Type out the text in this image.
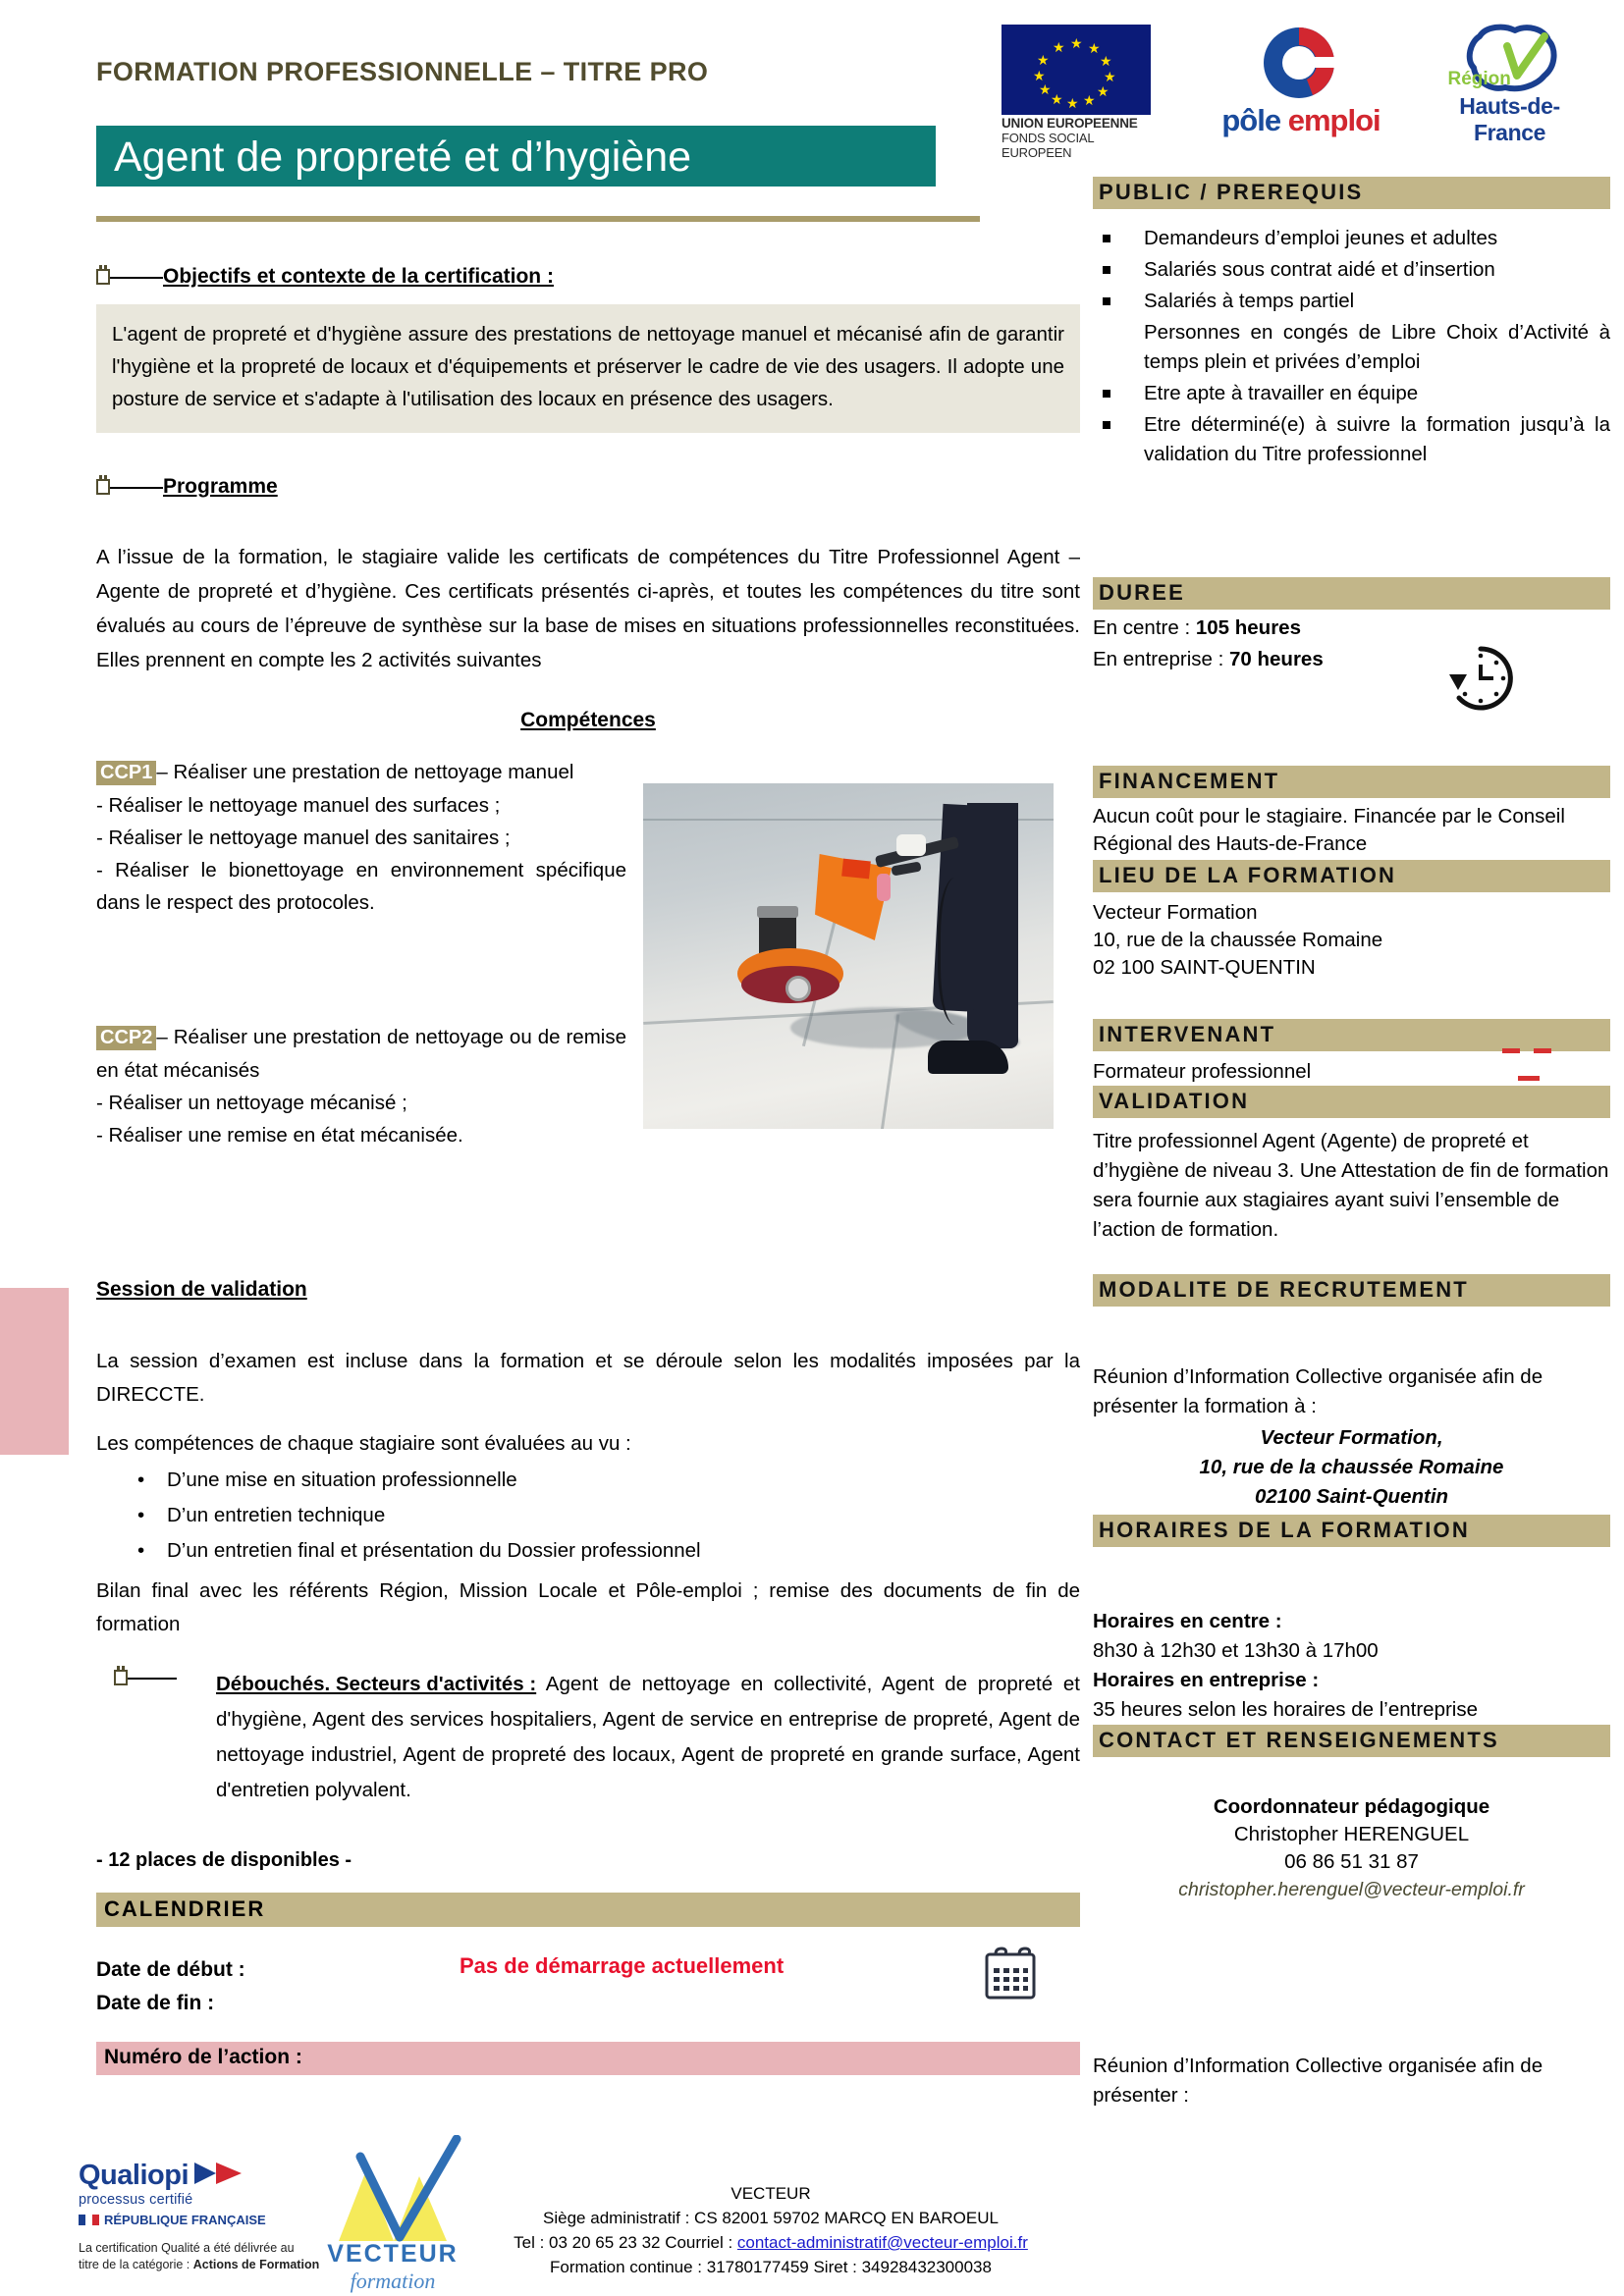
FORMATION PROFESSIONNELLE – TITRE PRO
Agent de propreté et d’hygiène
★ ★
★
★
★
★
★
★
★
★
★
★
UNION EUROPEENNE
FONDS SOCIAL EUROPEEN
pôle emploi
Région
Hauts-de-France
Objectifs et contexte de la certification :
L'agent de propreté et d'hygiène assure des prestations de nettoyage manuel et mécanisé afin de garantir l'hygiène et la propreté de locaux et d'équipements et préserver le cadre de vie des usagers. Il adopte une posture de service et s'adapte à l'utilisation des locaux en présence des usagers.
Programme
A l’issue de la formation, le stagiaire valide les certificats de compétences du Titre Professionnel Agent –Agente de propreté et d’hygiène. Ces certificats présentés ci-après, et toutes les compétences du titre sont évalués au cours de l’épreuve de synthèse sur la base de mises en situations professionnelles reconstituées. Elles prennent en compte les 2 activités suivantes
Compétences
CCP1 – Réaliser une prestation de nettoyage manuel
- Réaliser le nettoyage manuel des surfaces ;
- Réaliser le nettoyage manuel des sanitaires ;
- Réaliser le bionettoyage en environnement spécifique dans le respect des protocoles.
CCP2 – Réaliser une prestation de nettoyage ou de remise en état mécanisés
- Réaliser un nettoyage mécanisé ;
- Réaliser une remise en état mécanisée.
Session de validation
La session d’examen est incluse dans la formation et se déroule selon les modalités imposées par la DIRECCTE.
Les compétences de chaque stagiaire sont évaluées au vu :
• D’une mise en situation professionnelle
• D’un entretien technique
• D’un entretien final et présentation du Dossier professionnel
Bilan final avec les référents Région, Mission Locale et Pôle-emploi ; remise des documents de fin de formation
Débouchés. Secteurs d'activités : Agent de nettoyage en collectivité, Agent de propreté et d'hygiène, Agent des services hospitaliers, Agent de service en entreprise de propreté, Agent de nettoyage industriel, Agent de propreté des locaux, Agent de propreté en grande surface, Agent d'entretien polyvalent.
- 12 places de disponibles -
CALENDRIER
Date de début :
Date de fin :
Pas de démarrage actuellement
Numéro de l’action :
PUBLIC / PREREQUIS
Demandeurs d’emploi jeunes et adultes
Salariés sous contrat aidé et d’insertion
Salariés à temps partiel
Personnes en congés de Libre Choix d’Activité à temps plein et privées d’emploi
Etre apte à travailler en équipe
Etre déterminé(e) à suivre la formation jusqu’à la validation du Titre professionnel
DUREE
En centre : 105 heures
En entreprise : 70 heures
FINANCEMENT
Aucun coût pour le stagiaire. Financée par le Conseil Régional des Hauts-de-France
LIEU DE LA FORMATION
Vecteur Formation
10, rue de la chaussée Romaine
02 100 SAINT-QUENTIN
INTERVENANT
Formateur professionnel
VALIDATION
Titre professionnel Agent (Agente) de propreté et d’hygiène de niveau 3. Une Attestation de fin de formation sera fournie aux stagiaires ayant suivi l’ensemble de l’action de formation.
MODALITE DE RECRUTEMENT
Réunion d’Information Collective organisée afin de présenter la formation à :
Vecteur Formation,
10, rue de la chaussée Romaine
02100 Saint-Quentin
HORAIRES DE LA FORMATION
Horaires en centre :
8h30 à 12h30 et 13h30 à 17h00
Horaires en entreprise :
35 heures selon les horaires de l’entreprise
CONTACT ET RENSEIGNEMENTS
Coordonnateur pédagogique
Christopher HERENGUEL
06 86 51 31 87
christopher.herenguel@vecteur-emploi.fr
Réunion d’Information Collective organisée afin de présenter :
Qualiopi
processus certifié
RÉPUBLIQUE FRANÇAISE
La certification Qualité a été délivrée au
titre de la catégorie : Actions de Formation VECTEUR
formation
VECTEUR
Siège administratif : CS 82001 59702 MARCQ EN BAROEUL
Tel : 03 20 65 23 32 Courriel : contact-administratif@vecteur-emploi.fr
Formation continue : 31780177459 Siret : 34928432300038
